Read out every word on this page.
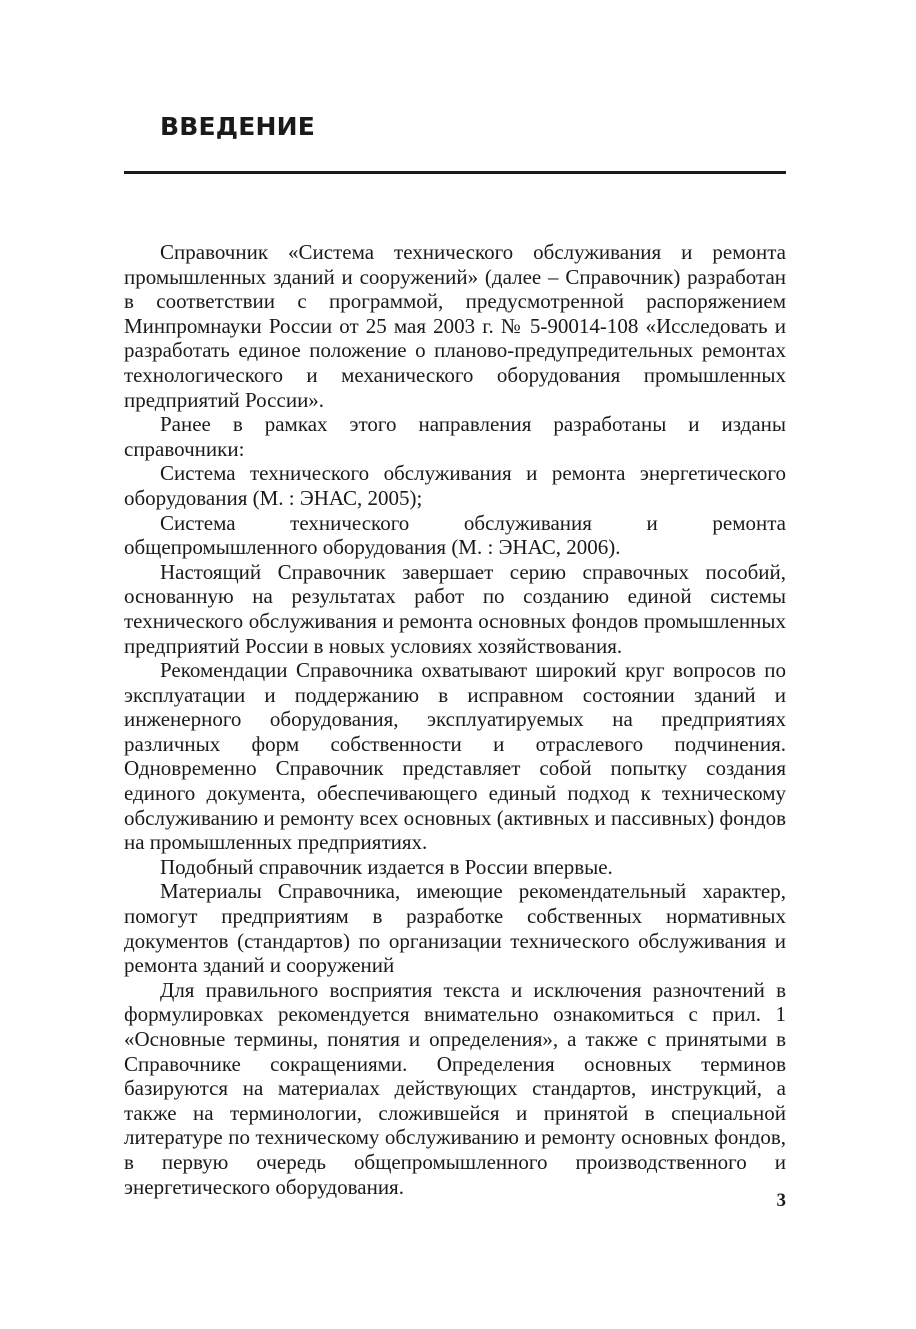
ВВЕДЕНИЕ

Справочник «Система технического обслуживания и ремонта промышленных зданий и сооружений» (далее – Справочник) разработан в соответствии с программой, предусмотренной распоряжением Минпромнауки России от 25 мая 2003 г. № 5-90014-108 «Исследовать и разработать единое положение о планово-предупредительных ремонтах технологического и механического оборудования промышленных предприятий России».

Ранее в рамках этого направления разработаны и изданы справочники:

Система технического обслуживания и ремонта энергетического оборудования (М. : ЭНАС, 2005);

Система технического обслуживания и ремонта общепромышленного оборудования (М. : ЭНАС, 2006).

Настоящий Справочник завершает серию справочных пособий, основанную на результатах работ по созданию единой системы технического обслуживания и ремонта основных фондов промышленных предприятий России в новых условиях хозяйствования.

Рекомендации Справочника охватывают широкий круг вопросов по эксплуатации и поддержанию в исправном состоянии зданий и инженерного оборудования, эксплуатируемых на предприятиях различных форм собственности и отраслевого подчинения. Одновременно Справочник представляет собой попытку создания единого документа, обеспечивающего единый подход к техническому обслуживанию и ремонту всех основных (активных и пассивных) фондов на промышленных предприятиях.

Подобный справочник издается в России впервые.

Материалы Справочника, имеющие рекомендательный характер, помогут предприятиям в разработке собственных нормативных документов (стандартов) по организации технического обслуживания и ремонта зданий и сооружений

Для правильного восприятия текста и исключения разночтений в формулировках рекомендуется внимательно ознакомиться с прил. 1 «Основные термины, понятия и определения», а также с принятыми в Справочнике сокращениями. Определения основных терминов базируются на материалах действующих стандартов, инструкций, а также на терминологии, сложившейся и принятой в специальной литературе по техническому обслуживанию и ремонту основных фондов, в первую очередь общепромышленного производственного и энергетического оборудования.

3
